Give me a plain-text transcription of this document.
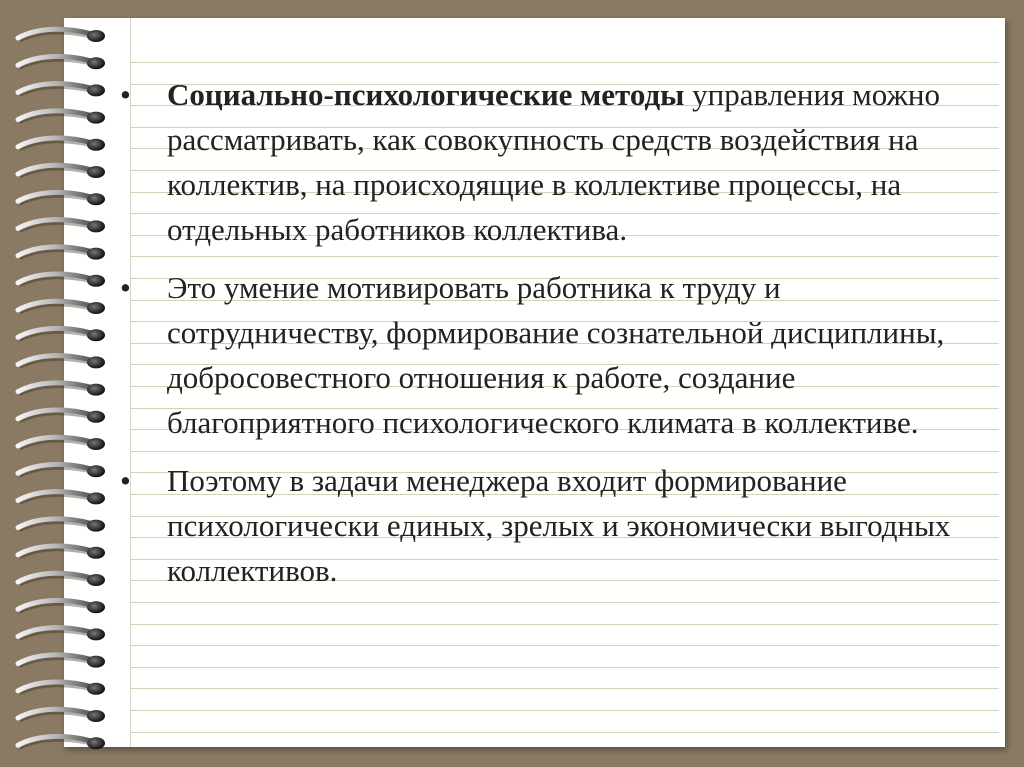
• Социально-психологические методы управления можно рассматривать, как совокупность средств воздействия на коллектив, на происходящие в коллективе процессы, на отдельных работников коллектива.
• Это умение мотивировать работника к труду и сотрудничеству, формирование сознательной дисциплины, добросовестного отношения к работе, создание благоприятного психологического климата в коллективе.
• Поэтому в задачи менеджера входит формирование психологически единых, зрелых и экономически выгодных коллективов.
